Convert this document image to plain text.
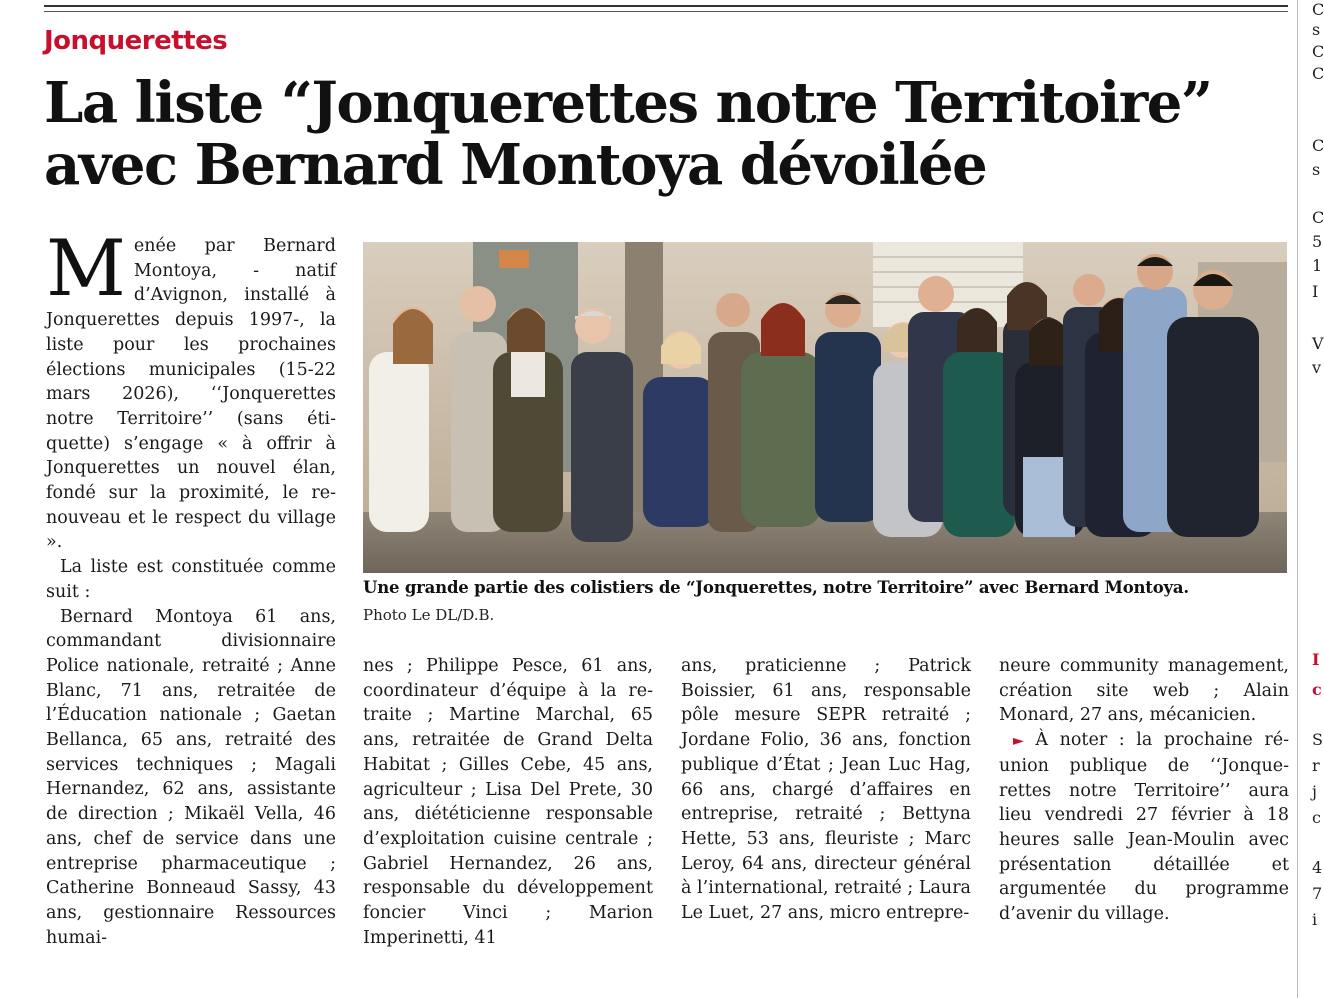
Jonquerettes
La liste “Jonquerettes notre Territoire”
avec Bernard Montoya dévoilée

Menée par Bernard Montoya, - natif d’Avignon, installé à Jonquerettes depuis 1997-, la liste pour les prochaines élections municipales (15-22 mars 2026), ‘‘Jonquerettes notre Territoire’’ (sans étiquette) s’engage « à offrir à Jonquerettes un nouvel élan, fondé sur la proximité, le renouveau et le respect du village ».

La liste est constituée comme suit :

Bernard Montoya 61 ans, commandant divisionnaire Police nationale, retraité ; Anne Blanc, 71 ans, retraitée de l’Éducation nationale ; Gaetan Bellanca, 65 ans, retraité des services techniques ; Magali Hernandez, 62 ans, assistante de direction ; Mikaël Vella, 46 ans, chef de service dans une entreprise pharmaceutique ; Catherine Bonneaud Sassy, 43 ans, gestionnaire Ressources humai-

Une grande partie des colistiers de “Jonquerettes, notre Territoire” avec Bernard Montoya.
Photo Le DL/D.B.

nes ; Philippe Pesce, 61 ans, coordinateur d’équipe à la retraite ; Martine Marchal, 65 ans, retraitée de Grand Delta Habitat ; Gilles Cebe, 45 ans, agriculteur ; Lisa Del Prete, 30 ans, diététicienne responsable d’exploitation cuisine centrale ; Gabriel Hernandez, 26 ans, responsable du développement foncier Vinci ; Marion Imperinetti, 41

ans, praticienne ; Patrick Boissier, 61 ans, responsable pôle mesure SEPR retraité ; Jordane Folio, 36 ans, fonction publique d’État ; Jean Luc Hag, 66 ans, chargé d’affaires en entreprise, retraité ; Bettyna Hette, 53 ans, fleuriste ; Marc Leroy, 64 ans, directeur général à l’international, retraité ; Laura Le Luet, 27 ans, micro entrepre-

neure community management, création site web ; Alain Monard, 27 ans, mécanicien.

► À noter : la prochaine réunion publique de ‘‘Jonquerettes notre Territoire’’ aura lieu vendredi 27 février à 18 heures salle Jean-Moulin avec présentation détaillée et argumentée du programme d’avenir du village.

C
s
C
C
C
s
C
5
1
I
V
v
I
c
S
r
j
c
4
7
i
